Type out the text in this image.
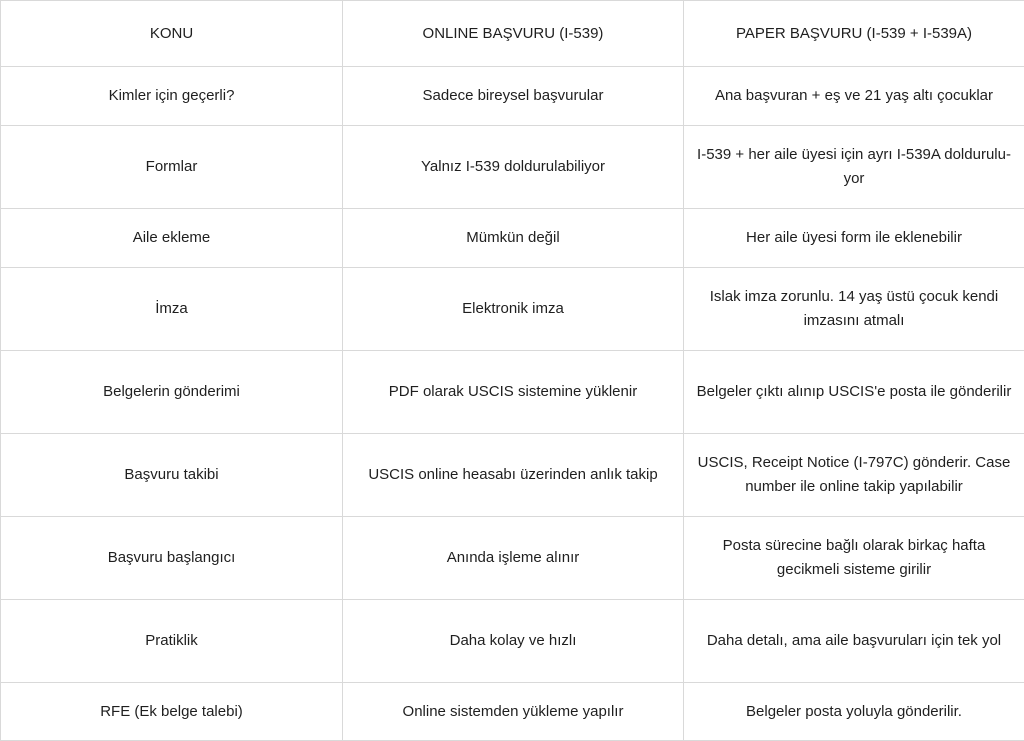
KONU	ONLINE BAŞVURU (I-539)	PAPER BAŞVURU (I-539 + I-539A)
Kimler için geçerli?	Sadece bireysel başvurular	Ana başvuran + eş ve 21 yaş altı çocuklar
Formlar	Yalnız I-539 doldurulabiliyor	I-539 + her aile üyesi için ayrı I-539A dolduruluyor
Aile ekleme	Mümkün değil	Her aile üyesi form ile eklenebilir
İmza	Elektronik imza	Islak imza zorunlu. 14 yaş üstü çocuk kendi imzasını atmalı
Belgelerin gönderimi	PDF olarak USCIS sistemine yüklenir	Belgeler çıktı alınıp USCIS'e posta ile gönderilir
Başvuru takibi	USCIS online heasabı üzerinden anlık takip	USCIS, Receipt Notice (I-797C) gönderir. Case number ile online takip yapılabilir
Başvuru başlangıcı	Anında işleme alınır	Posta sürecine bağlı olarak birkaç hafta gecikmeli sisteme girilir
Pratiklik	Daha kolay ve hızlı	Daha detalı, ama aile başvuruları için tek yol
RFE (Ek belge talebi)	Online sistemden yükleme yapılır	Belgeler posta yoluyla gönderilir.
